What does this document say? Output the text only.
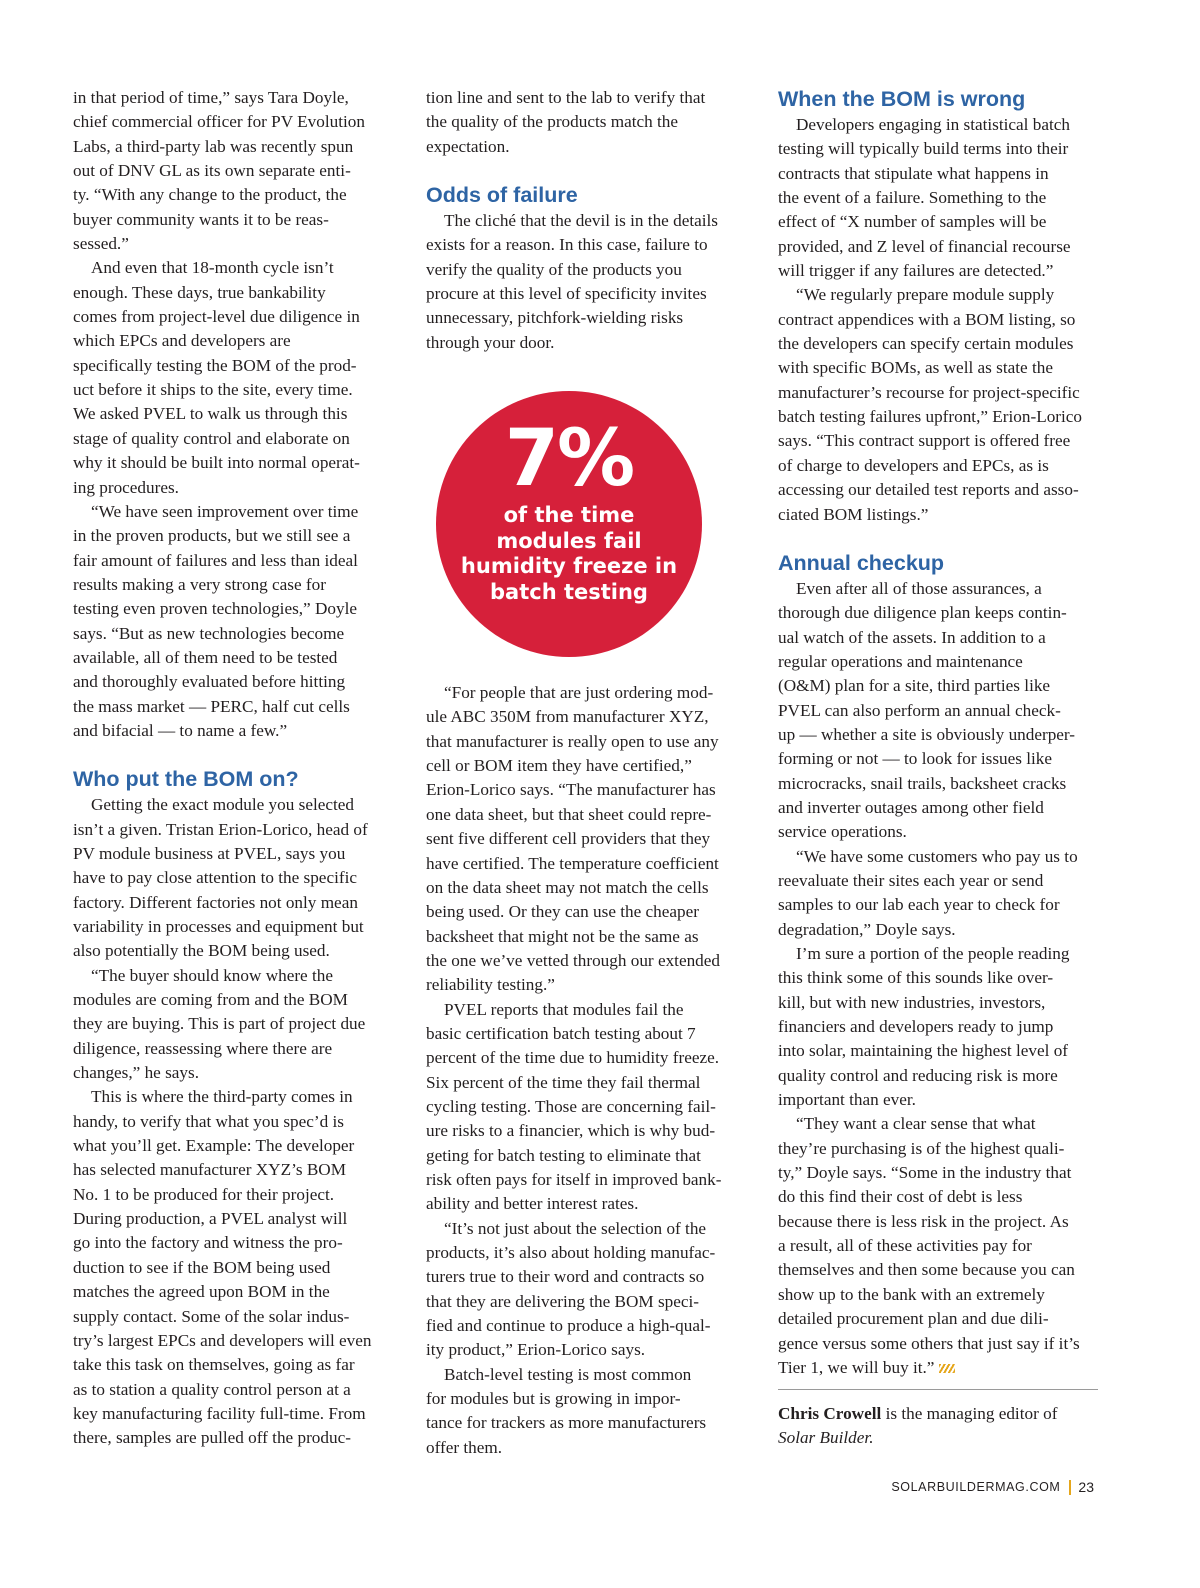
in that period of time,” says Tara Doyle,
chief commercial officer for PV Evolution
Labs, a third-party lab was recently spun
out of DNV GL as its own separate enti-
ty. “With any change to the product, the
buyer community wants it to be reas-
sessed.”

And even that 18-month cycle isn’t
enough. These days, true bankability
comes from project-level due diligence in
which EPCs and developers are
specifically testing the BOM of the prod-
uct before it ships to the site, every time.
We asked PVEL to walk us through this
stage of quality control and elaborate on
why it should be built into normal operat-
ing procedures.

“We have seen improvement over time
in the proven products, but we still see a
fair amount of failures and less than ideal
results making a very strong case for
testing even proven technologies,” Doyle
says. “But as new technologies become
available, all of them need to be tested
and thoroughly evaluated before hitting
the mass market — PERC, half cut cells
and bifacial — to name a few.”

Who put the BOM on?

Getting the exact module you selected
isn’t a given. Tristan Erion-Lorico, head of
PV module business at PVEL, says you
have to pay close attention to the specific
factory. Different factories not only mean
variability in processes and equipment but
also potentially the BOM being used.

“The buyer should know where the
modules are coming from and the BOM
they are buying. This is part of project due
diligence, reassessing where there are
changes,” he says.

This is where the third-party comes in
handy, to verify that what you spec’d is
what you’ll get. Example: The developer
has selected manufacturer XYZ’s BOM
No. 1 to be produced for their project.
During production, a PVEL analyst will
go into the factory and witness the pro-
duction to see if the BOM being used
matches the agreed upon BOM in the
supply contact. Some of the solar indus-
try’s largest EPCs and developers will even
take this task on themselves, going as far
as to station a quality control person at a
key manufacturing facility full-time. From
there, samples are pulled off the produc-

tion line and sent to the lab to verify that
the quality of the products match the
expectation.

Odds of failure

The cliché that the devil is in the details
exists for a reason. In this case, failure to
verify the quality of the products you
procure at this level of specificity invites
unnecessary, pitchfork-wielding risks
through your door.

7%
of the time
modules fail
humidity freeze in
batch testing

“For people that are just ordering mod-
ule ABC 350M from manufacturer XYZ,
that manufacturer is really open to use any
cell or BOM item they have certified,”
Erion-Lorico says. “The manufacturer has
one data sheet, but that sheet could repre-
sent five different cell providers that they
have certified. The temperature coefficient
on the data sheet may not match the cells
being used. Or they can use the cheaper
backsheet that might not be the same as
the one we’ve vetted through our extended
reliability testing.”

PVEL reports that modules fail the
basic certification batch testing about 7
percent of the time due to humidity freeze.
Six percent of the time they fail thermal
cycling testing. Those are concerning fail-
ure risks to a financier, which is why bud-
geting for batch testing to eliminate that
risk often pays for itself in improved bank-
ability and better interest rates.

“It’s not just about the selection of the
products, it’s also about holding manufac-
turers true to their word and contracts so
that they are delivering the BOM speci-
fied and continue to produce a high-qual-
ity product,” Erion-Lorico says.

Batch-level testing is most common
for modules but is growing in impor-
tance for trackers as more manufacturers
offer them.

When the BOM is wrong

Developers engaging in statistical batch
testing will typically build terms into their
contracts that stipulate what happens in
the event of a failure. Something to the
effect of “X number of samples will be
provided, and Z level of financial recourse
will trigger if any failures are detected.”

“We regularly prepare module supply
contract appendices with a BOM listing, so
the developers can specify certain modules
with specific BOMs, as well as state the
manufacturer’s recourse for project-specific
batch testing failures upfront,” Erion-Lorico
says. “This contract support is offered free
of charge to developers and EPCs, as is
accessing our detailed test reports and asso-
ciated BOM listings.”

Annual checkup

Even after all of those assurances, a
thorough due diligence plan keeps contin-
ual watch of the assets. In addition to a
regular operations and maintenance
(O&M) plan for a site, third parties like
PVEL can also perform an annual check-
up — whether a site is obviously underper-
forming or not — to look for issues like
microcracks, snail trails, backsheet cracks
and inverter outages among other field
service operations.

“We have some customers who pay us to
reevaluate their sites each year or send
samples to our lab each year to check for
degradation,” Doyle says.

I’m sure a portion of the people reading
this think some of this sounds like over-
kill, but with new industries, investors,
financiers and developers ready to jump
into solar, maintaining the highest level of
quality control and reducing risk is more
important than ever.

“They want a clear sense that what
they’re purchasing is of the highest quali-
ty,” Doyle says. “Some in the industry that
do this find their cost of debt is less
because there is less risk in the project. As
a result, all of these activities pay for
themselves and then some because you can
show up to the bank with an extremely
detailed procurement plan and due dili-
gence versus some others that just say if it’s
Tier 1, we will buy it.”

Chris Crowell is the managing editor of
Solar Builder.
SOLARBUILDERMAG.COM 23
